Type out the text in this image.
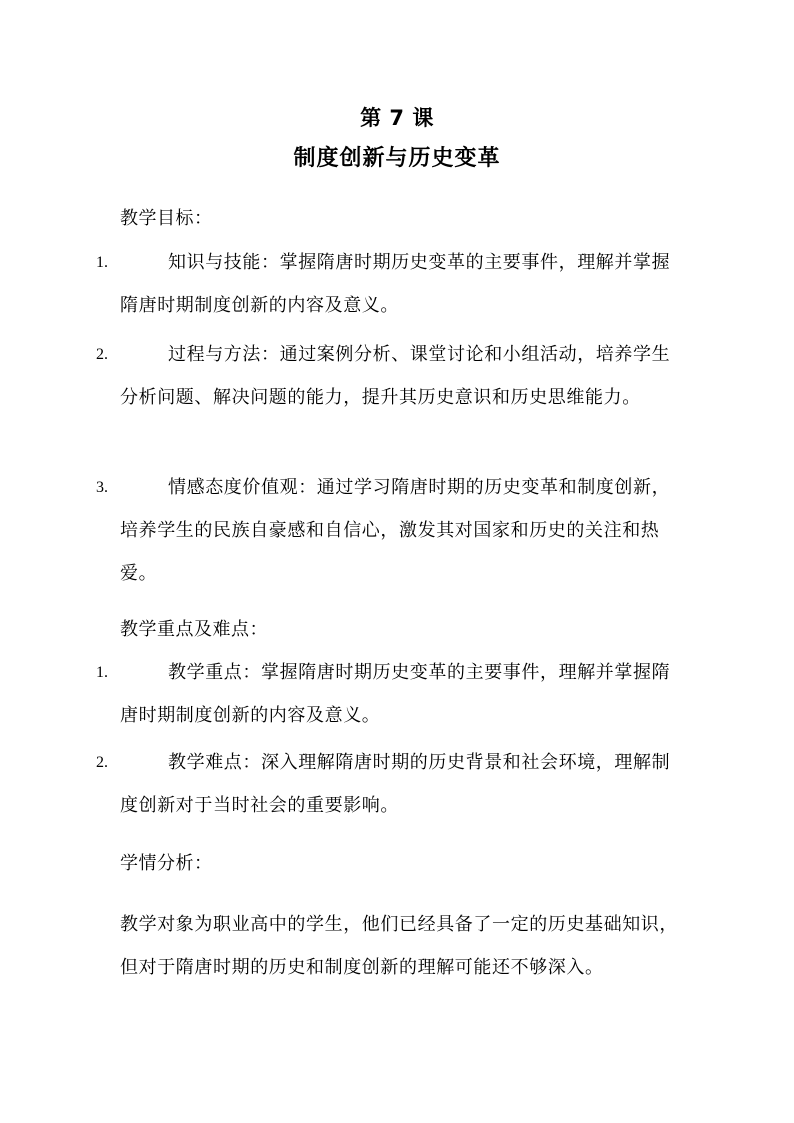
第 7 课
制度创新与历史变革
教学目标：
1.	知识与技能：掌握隋唐时期历史变革的主要事件，理解并掌握隋唐时期制度创新的内容及意义。
2.	过程与方法：通过案例分析、课堂讨论和小组活动，培养学生分析问题、解决问题的能力，提升其历史意识和历史思维能力。
3.	情感态度价值观：通过学习隋唐时期的历史变革和制度创新，培养学生的民族自豪感和自信心，激发其对国家和历史的关注和热爱。
教学重点及难点：
1.	教学重点：掌握隋唐时期历史变革的主要事件，理解并掌握隋唐时期制度创新的内容及意义。
2.	教学难点：深入理解隋唐时期的历史背景和社会环境，理解制度创新对于当时社会的重要影响。
学情分析：
教学对象为职业高中的学生，他们已经具备了一定的历史基础知识，但对于隋唐时期的历史和制度创新的理解可能还不够深入。
